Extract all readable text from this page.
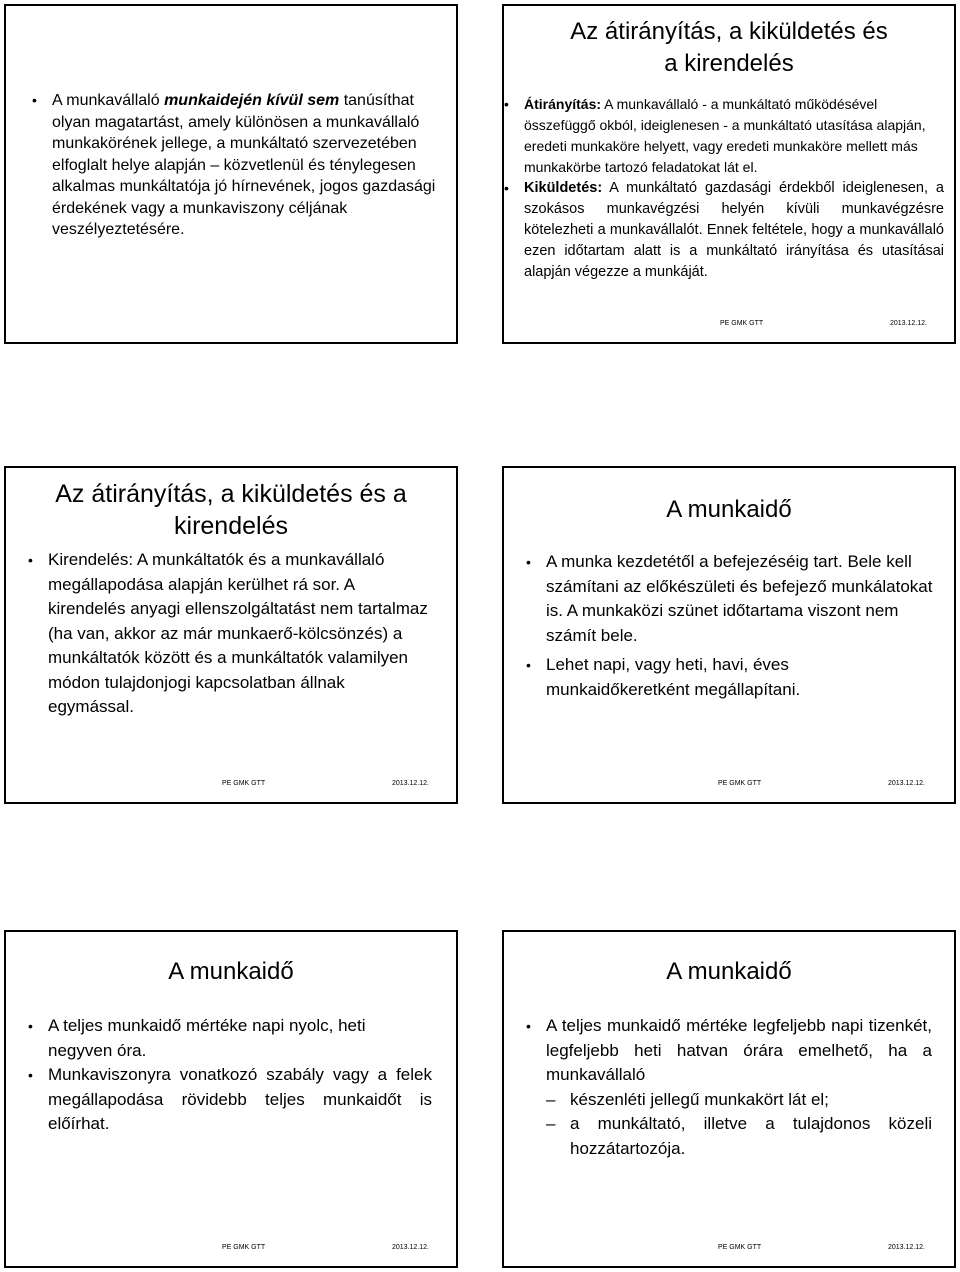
• A munkavállaló munkaidején kívül sem tanúsíthat olyan magatartást, amely különösen a munkavállaló munkakörének jellege, a munkáltató szervezetében elfoglalt helye alapján – közvetlenül és ténylegesen alkalmas munkáltatója jó hírnevének, jogos gazdasági érdekének vagy a munkaviszony céljának veszélyeztetésére.
Az átirányítás, a kiküldetés és
a kirendelés
• Átirányítás: A munkavállaló - a munkáltató működésével összefüggő okból, ideiglenesen - a munkáltató utasítása alapján, eredeti munkaköre helyett, vagy eredeti munkaköre mellett más munkakörbe tartozó feladatokat lát el.
• Kiküldetés: A munkáltató gazdasági érdekből ideiglenesen, a szokásos munkavégzési helyén kívüli munkavégzésre kötelezheti a munkavállalót. Ennek feltétele, hogy a munkavállaló ezen időtartam alatt is a munkáltató irányítása és utasításai alapján végezze a munkáját.
PE GMK GTT	2013.12.12.
Az átirányítás, a kiküldetés és a
kirendelés
• Kirendelés: A munkáltatók és a munkavállaló megállapodása alapján kerülhet rá sor. A kirendelés anyagi ellenszolgáltatást nem tartalmaz (ha van, akkor az már munkaerő-kölcsönzés) a munkáltatók között és a munkáltatók valamilyen módon tulajdonjogi kapcsolatban állnak egymással.
PE GMK GTT	2013.12.12.
A munkaidő
• A munka kezdetétől a befejezéséig tart. Bele kell számítani az előkészületi és befejező munkálatokat is. A munkaközi szünet időtartama viszont nem számít bele.
• Lehet napi, vagy heti, havi, éves munkaidőkeretként megállapítani.
PE GMK GTT	2013.12.12.
A munkaidő
• A teljes munkaidő mértéke napi nyolc, heti negyven óra.
• Munkaviszonyra vonatkozó szabály vagy a felek megállapodása rövidebb teljes munkaidőt is előírhat.
PE GMK GTT	2013.12.12.
A munkaidő
• A teljes munkaidő mértéke legfeljebb napi tizenkét, legfeljebb heti hatvan órára emelhető, ha a munkavállaló
– készenléti jellegű munkakört lát el;
– a munkáltató, illetve a tulajdonos közeli hozzátartozója.
PE GMK GTT	2013.12.12.
